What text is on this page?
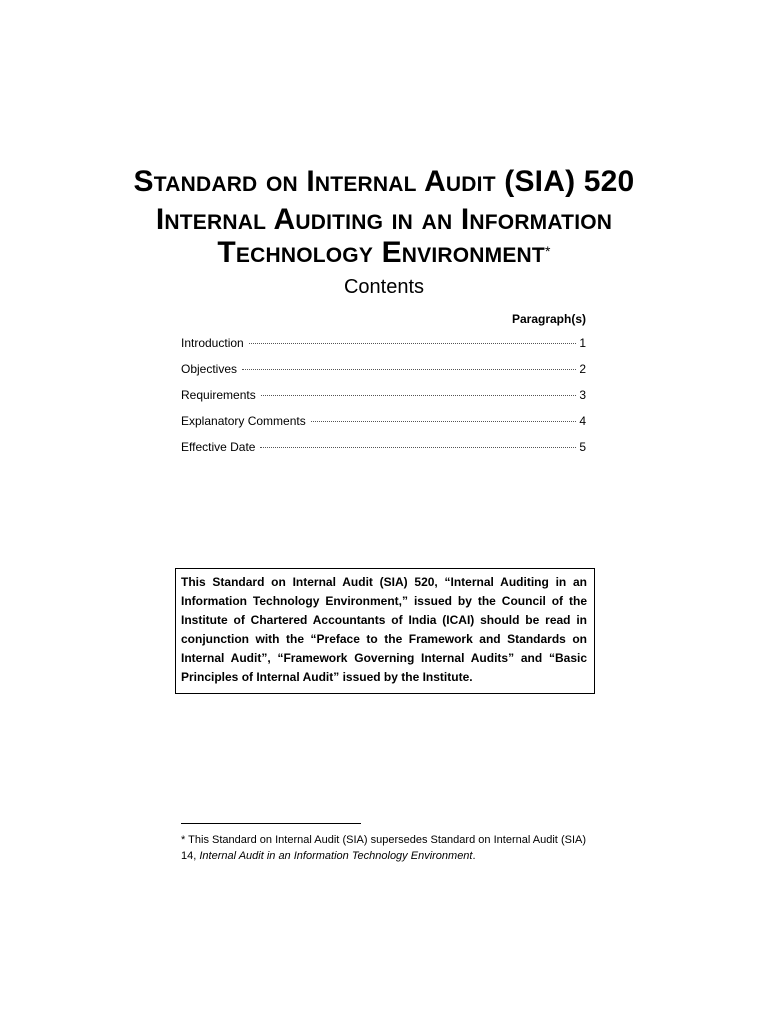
Standard on Internal Audit (SIA) 520
Internal Auditing in an Information
Technology Environment*
Contents

Paragraph(s)

Introduction	1
Objectives	2
Requirements	3
Explanatory Comments	4
Effective Date	5
This Standard on Internal Audit (SIA) 520, “Internal Auditing in an Information Technology Environment,” issued by the Council of the Institute of Chartered Accountants of India (ICAI) should be read in conjunction with the “Preface to the Framework and Standards on Internal Audit”, “Framework Governing Internal Audits” and “Basic Principles of Internal Audit” issued by the Institute.

* This Standard on Internal Audit (SIA) supersedes Standard on Internal Audit (SIA) 14, Internal Audit in an Information Technology Environment.
